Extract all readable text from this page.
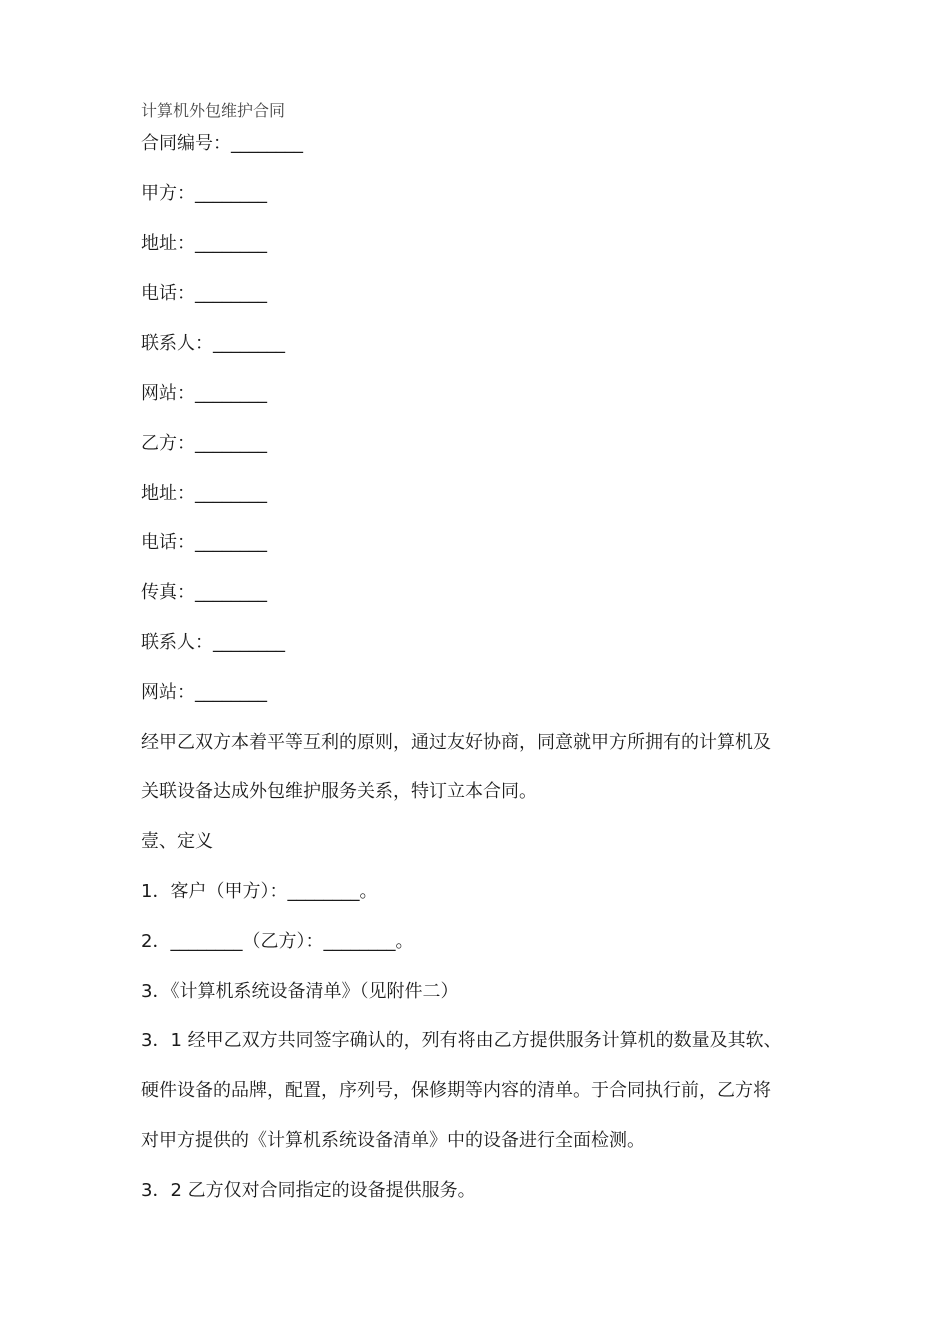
计算机外包维护合同
合同编号：________
甲方：________
地址：________
电话：________
联系人：________
网站：________
乙方：________
地址：________
电话：________
传真：________
联系人：________
网站：________
经甲乙双方本着平等互利的原则，通过友好协商，同意就甲方所拥有的计算机及
关联设备达成外包维护服务关系，特订立本合同。
壹、定义
1．客户（甲方）：________。
2．________（乙方）：________。
3．《计算机系统设备清单》（见附件二）
3．1 经甲乙双方共同签字确认的，列有将由乙方提供服务计算机的数量及其软、
硬件设备的品牌，配置，序列号，保修期等内容的清单。于合同执行前，乙方将
对甲方提供的《计算机系统设备清单》中的设备进行全面检测。
3．2 乙方仅对合同指定的设备提供服务。
